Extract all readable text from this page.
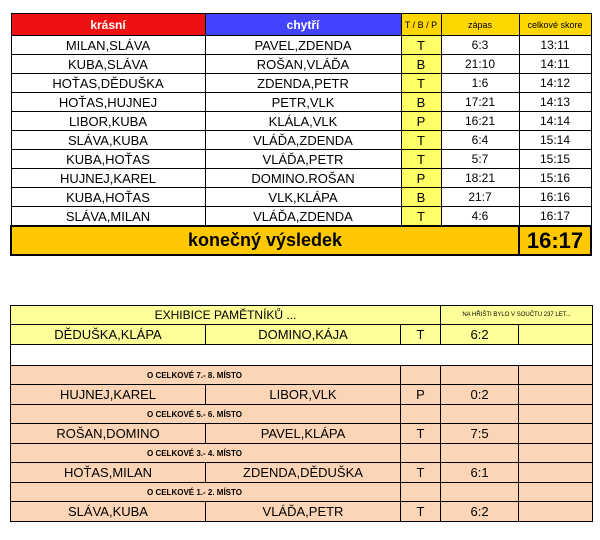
krásní	chytří	T / B / P	zápas	celkové skore
MILAN,SLÁVA	PAVEL,ZDENDA	T	6:3	13:11
KUBA,SLÁVA	ROŠAN,VLÁĎA	B	21:10	14:11
HOŤAS,DĚDUŠKA	ZDENDA,PETR	T	1:6	14:12
HOŤAS,HUJNEJ	PETR,VLK	B	17:21	14:13
LIBOR,KUBA	KLÁLA,VLK	P	16:21	14:14
SLÁVA,KUBA	VLÁĎA,ZDENDA	T	6:4	15:14
KUBA,HOŤAS	VLÁĎA,PETR	T	5:7	15:15
HUJNEJ,KAREL	DOMINO.ROŠAN	P	18:21	15:16
KUBA,HOŤAS	VLK,KLÁPA	B	21:7	16:16
SLÁVA,MILAN	VLÁĎA,ZDENDA	T	4:6	16:17
konečný výsledek				16:17
EXHIBICE PAMĚTNÍKŮ ...			NA HŘIŠTI BYLO V SOUČTU 237 LET...	
DĚDUŠKA,KLÁPA	DOMINO,KÁJA	T	6:2	

O CELKOVÉ 7.- 8. MÍSTO				
HUJNEJ,KAREL	LIBOR,VLK	P	0:2	
O CELKOVÉ 5.- 6. MÍSTO				
ROŠAN,DOMINO	PAVEL,KLÁPA	T	7:5	
O CELKOVÉ 3.- 4. MÍSTO				
HOŤAS,MILAN	ZDENDA,DĚDUŠKA	T	6:1	
O CELKOVÉ 1.- 2. MÍSTO				
SLÁVA,KUBA	VLÁĎA,PETR	T	6:2	
